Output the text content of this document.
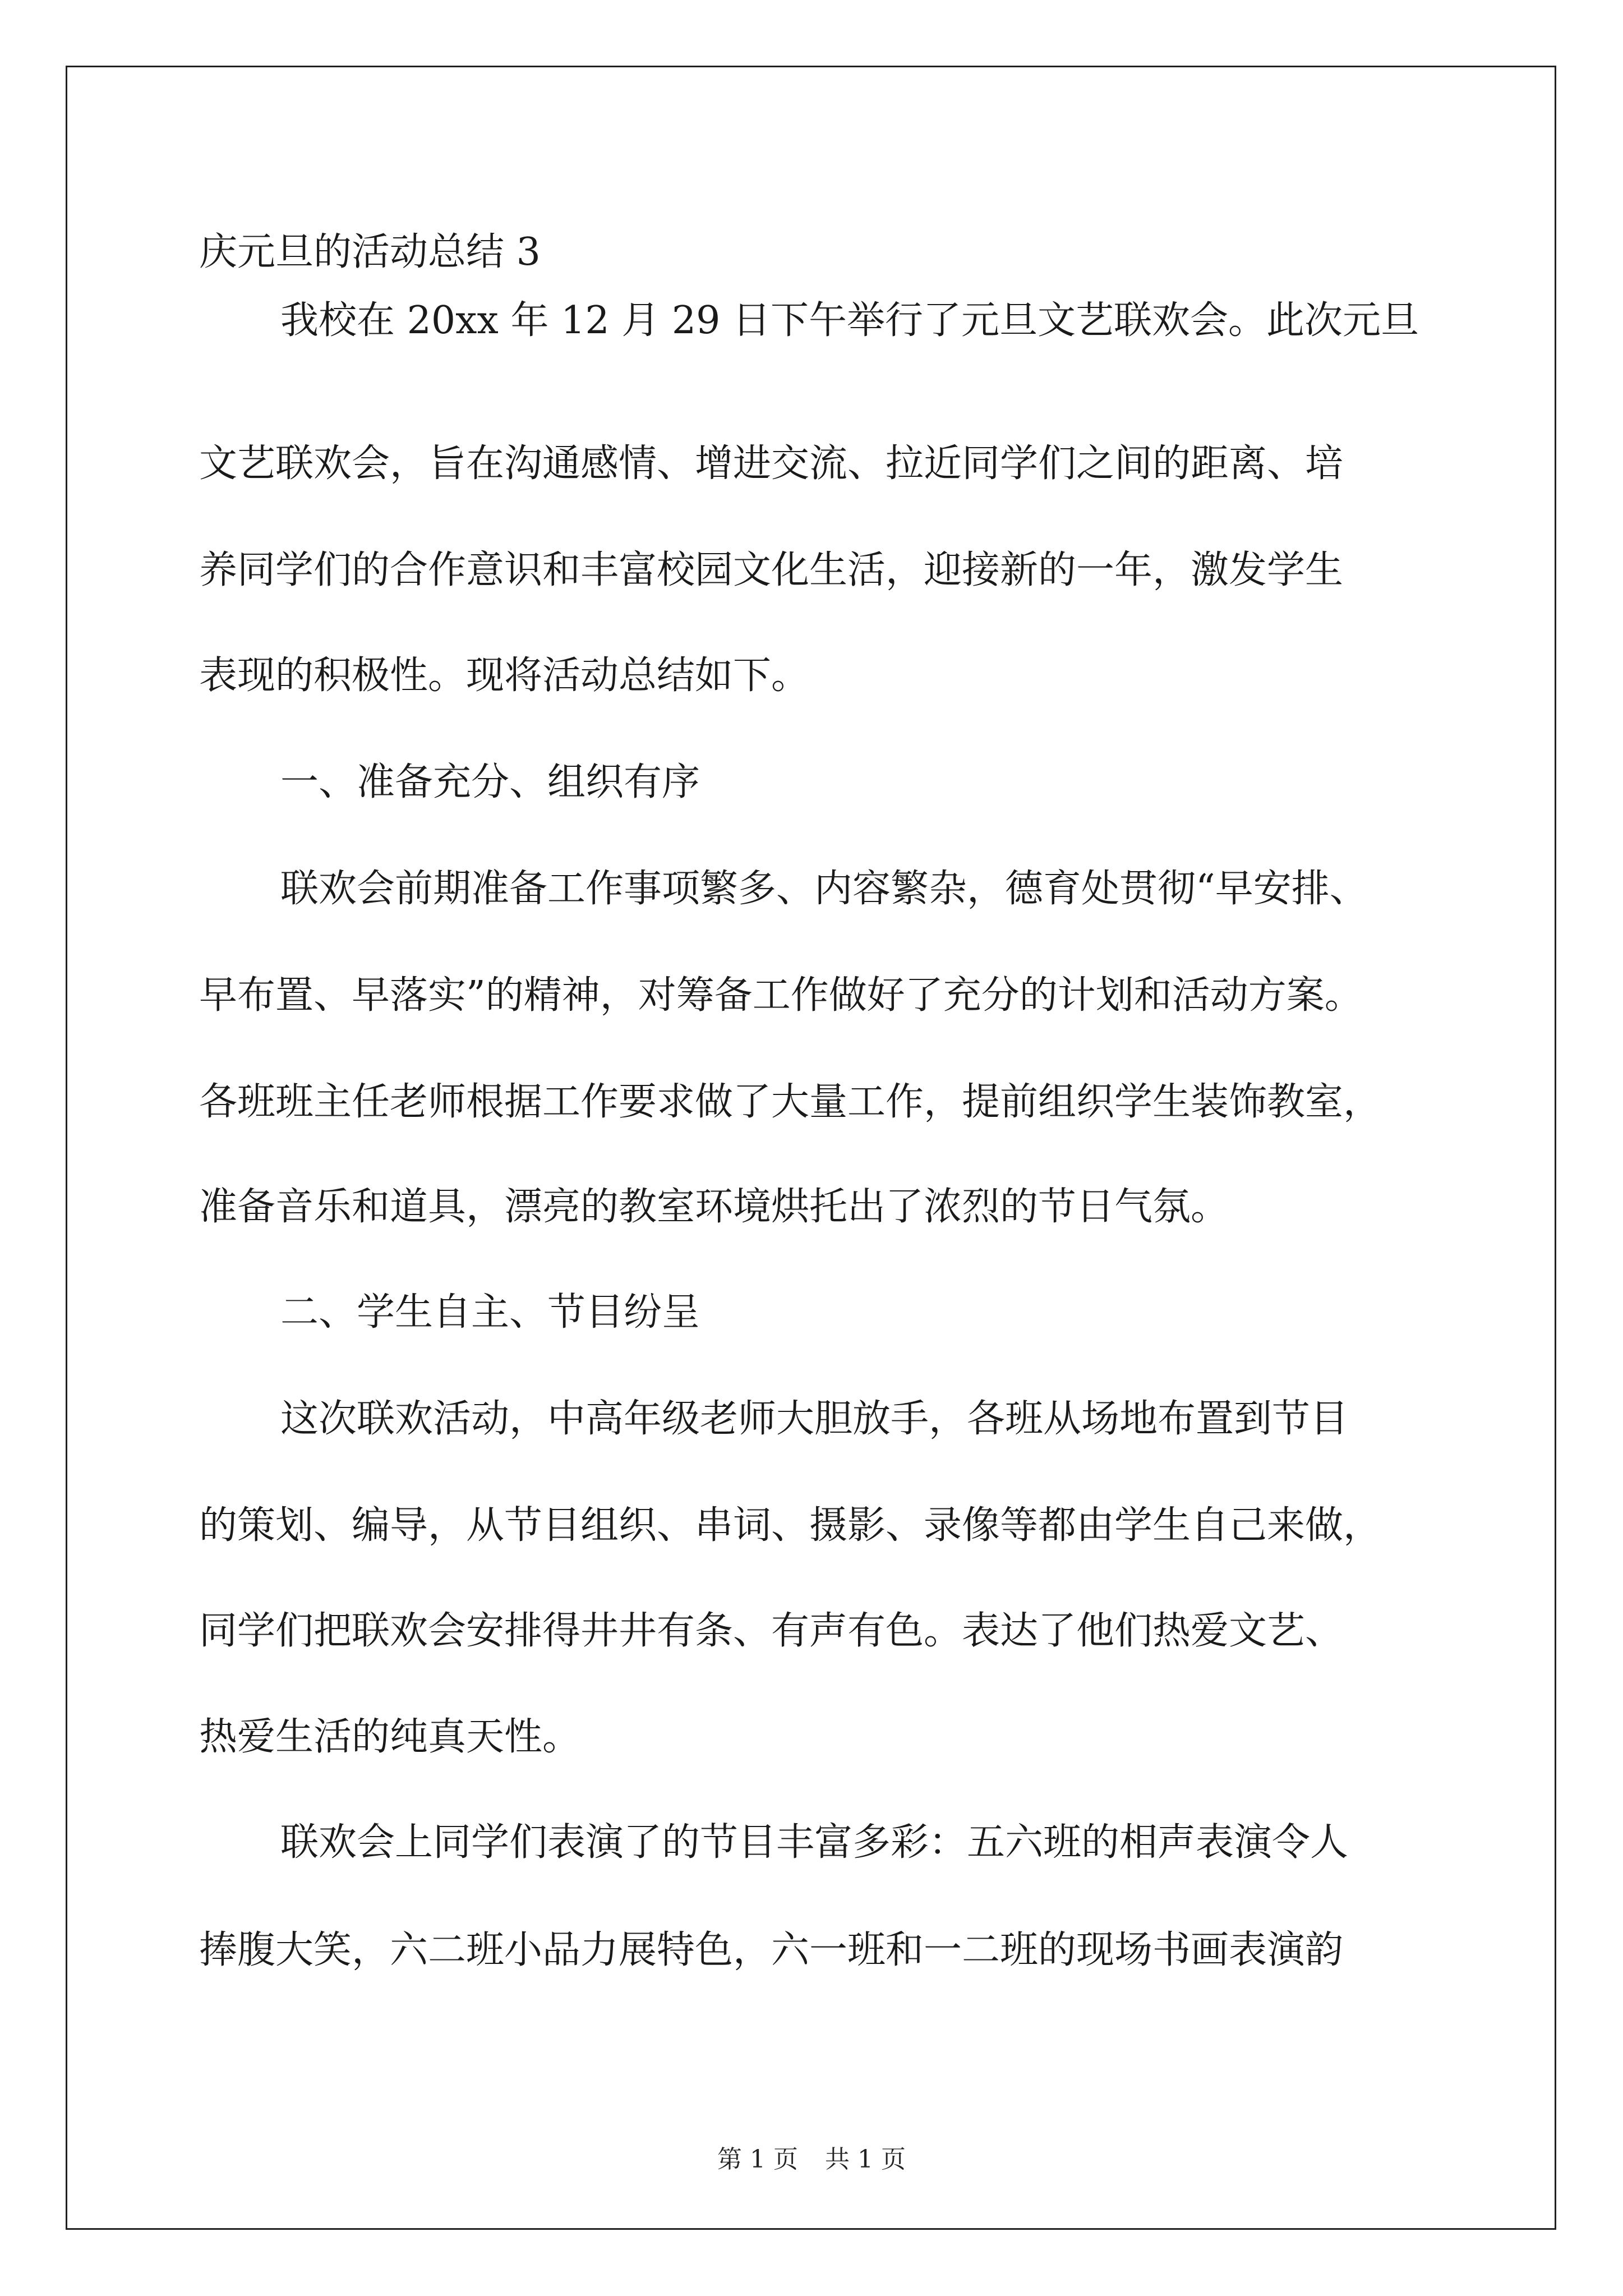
庆元旦的活动总结 3
我校在 20xx 年 12 月 29 日下午举行了元旦文艺联欢会。此次元旦
文艺联欢会，旨在沟通感情、增进交流、拉近同学们之间的距离、培
养同学们的合作意识和丰富校园文化生活，迎接新的一年，激发学生
表现的积极性。现将活动总结如下。
一、准备充分、组织有序
联欢会前期准备工作事项繁多、内容繁杂，德育处贯彻“早安排、
早布置、早落实”的精神，对筹备工作做好了充分的计划和活动方案。
各班班主任老师根据工作要求做了大量工作，提前组织学生装饰教室，
准备音乐和道具，漂亮的教室环境烘托出了浓烈的节日气氛。
二、学生自主、节目纷呈
这次联欢活动，中高年级老师大胆放手，各班从场地布置到节目
的策划、编导，从节目组织、串词、摄影、录像等都由学生自己来做，
同学们把联欢会安排得井井有条、有声有色。表达了他们热爱文艺、
热爱生活的纯真天性。
联欢会上同学们表演了的节目丰富多彩：五六班的相声表演令人
捧腹大笑，六二班小品力展特色，六一班和一二班的现场书画表演韵
第 1 页 共 1 页
